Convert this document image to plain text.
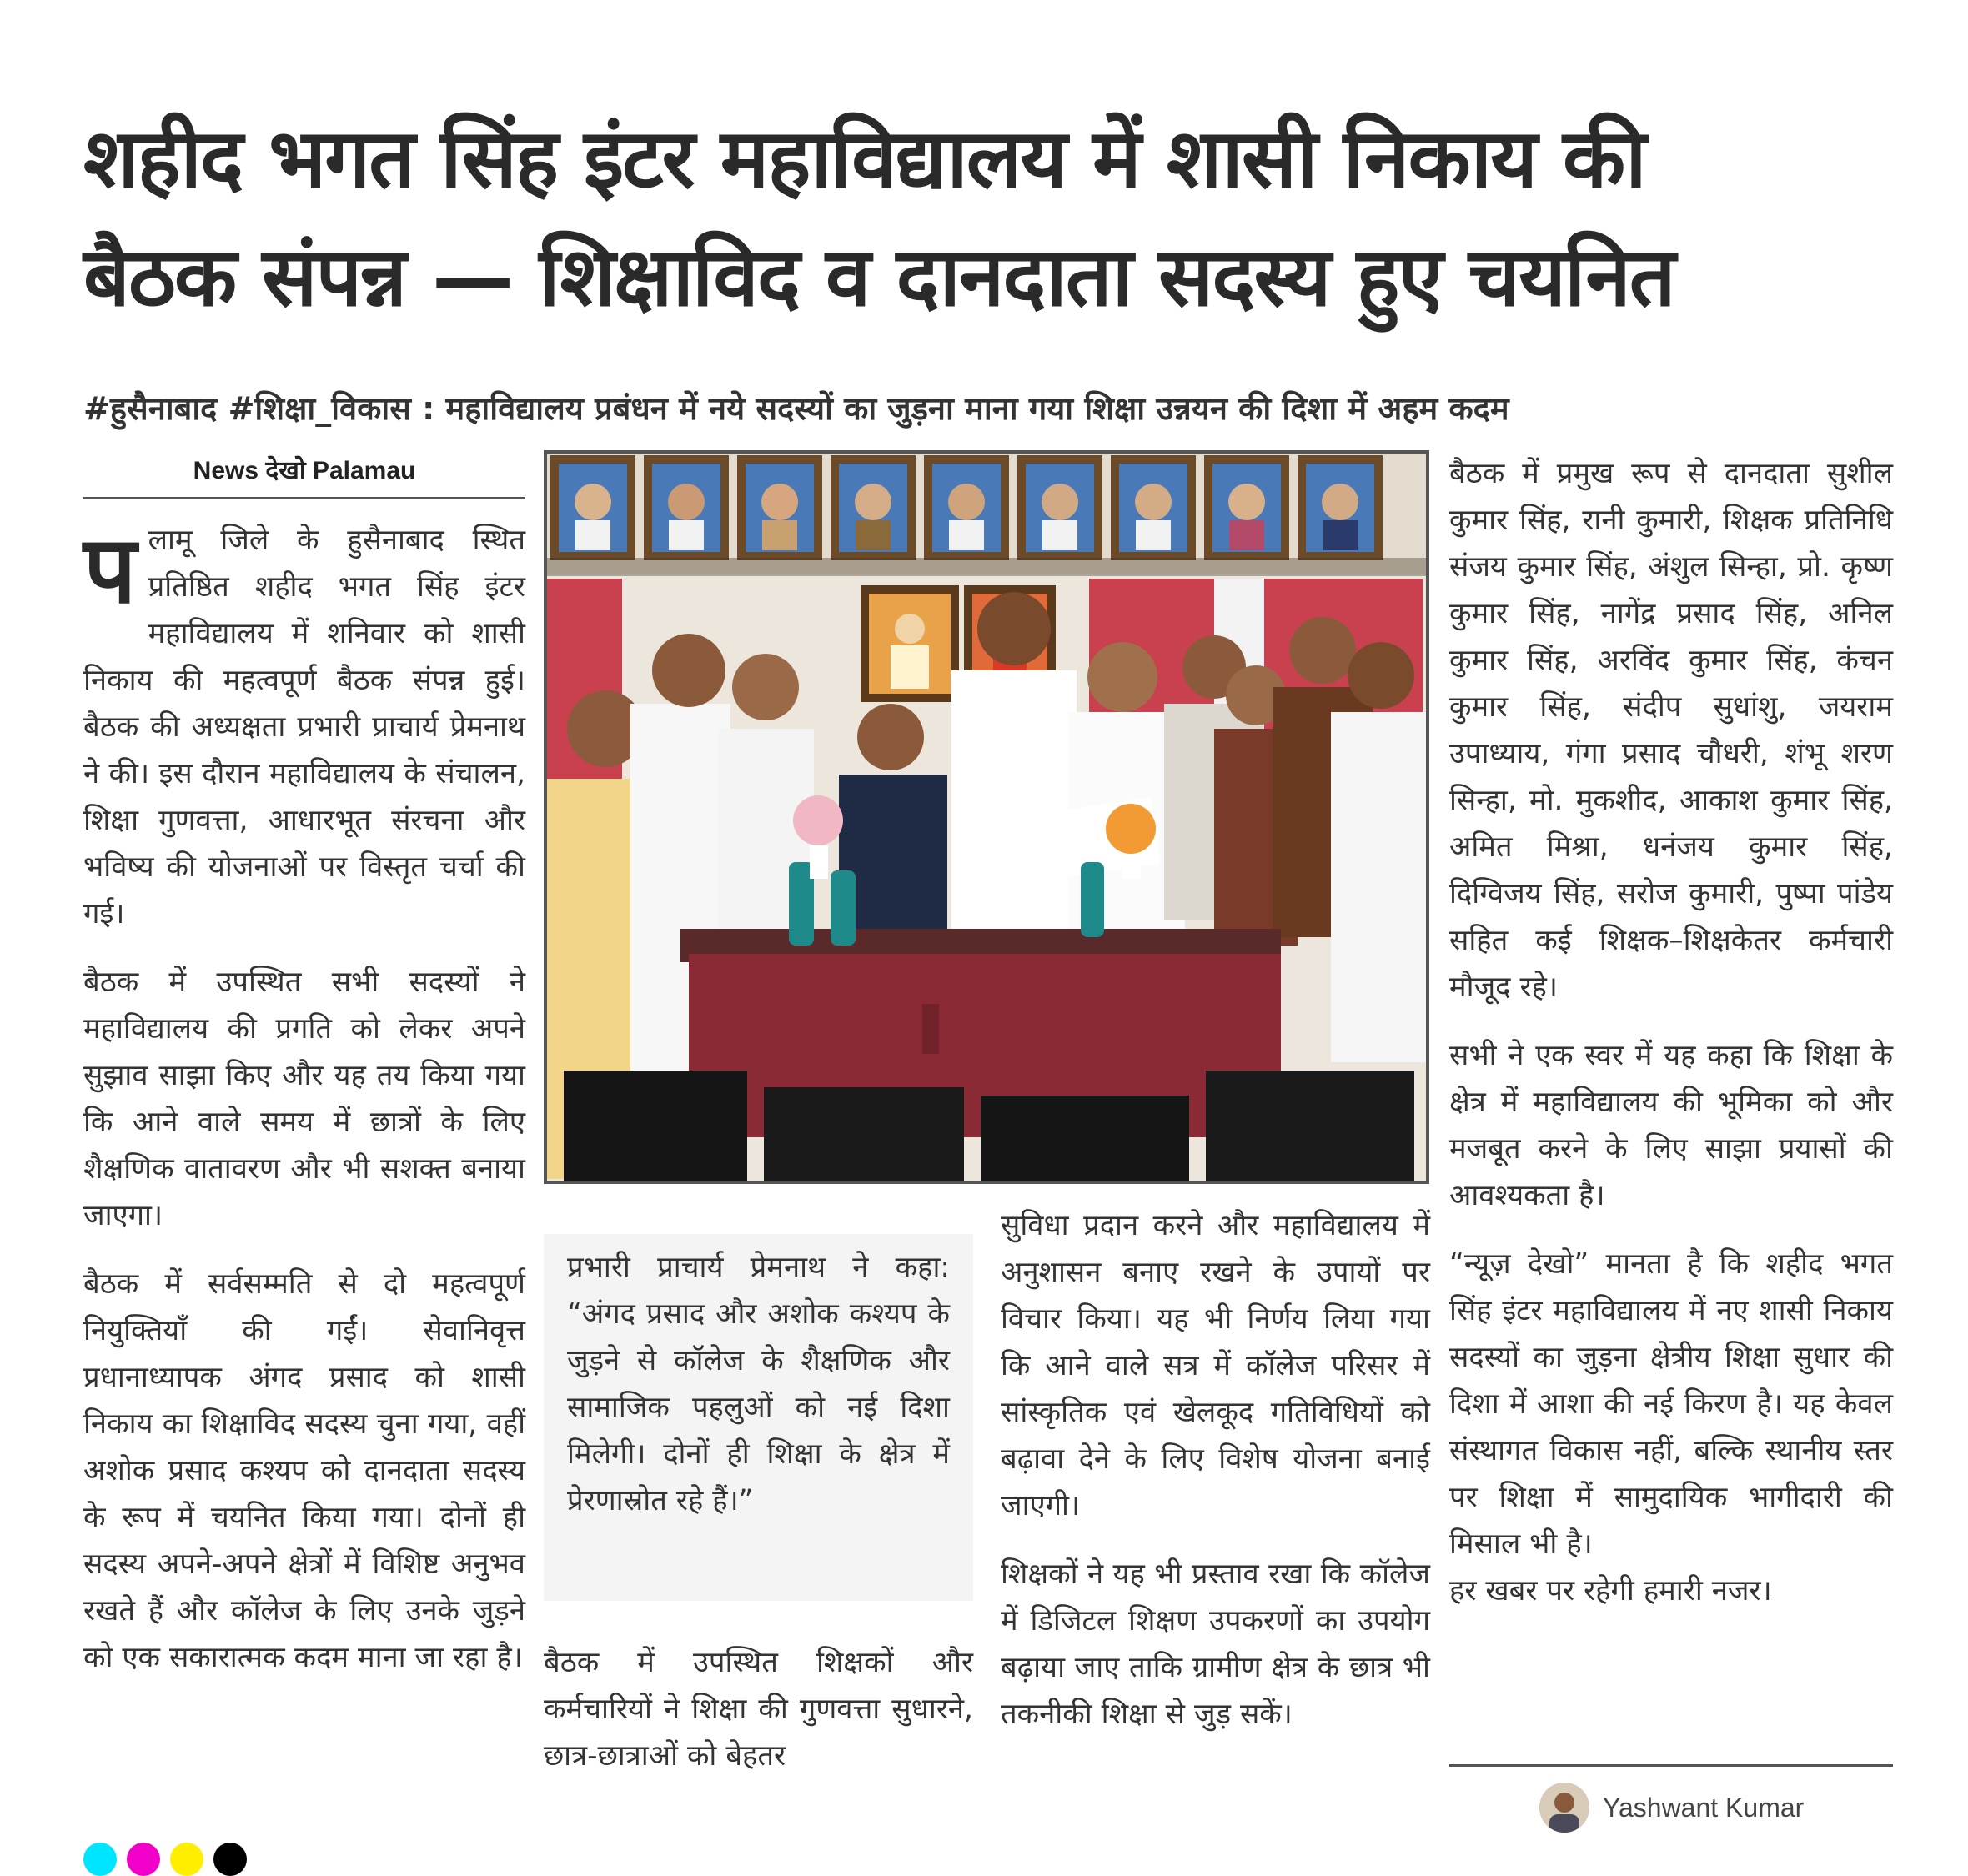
शहीद भगत सिंह इंटर महाविद्यालय में शासी निकाय की
बैठक संपन्न — शिक्षाविद व दानदाता सदस्य हुए चयनित
#हुसैनाबाद #शिक्षा_विकास : महाविद्यालय प्रबंधन में नये सदस्यों का जुड़ना माना गया शिक्षा उन्नयन की दिशा में अहम कदम
News देखो Palamau

पलामू जिले के हुसैनाबाद स्थित प्रतिष्ठित शहीद भगत सिंह इंटर महाविद्यालय में शनिवार को शासी निकाय की महत्वपूर्ण बैठक संपन्न हुई। बैठक की अध्यक्षता प्रभारी प्राचार्य प्रेमनाथ ने की। इस दौरान महाविद्यालय के संचालन, शिक्षा गुणवत्ता, आधारभूत संरचना और भविष्य की योजनाओं पर विस्तृत चर्चा की गई।

बैठक में उपस्थित सभी सदस्यों ने महाविद्यालय की प्रगति को लेकर अपने सुझाव साझा किए और यह तय किया गया कि आने वाले समय में छात्रों के लिए शैक्षणिक वातावरण और भी सशक्त बनाया जाएगा।

बैठक में सर्वसम्मति से दो महत्वपूर्ण नियुक्तियाँ की गईं। सेवानिवृत्त प्रधानाध्यापक अंगद प्रसाद को शासी निकाय का शिक्षाविद सदस्य चुना गया, वहीं अशोक प्रसाद कश्यप को दानदाता सदस्य के रूप में चयनित किया गया। दोनों ही सदस्य अपने-अपने क्षेत्रों में विशिष्ट अनुभव रखते हैं और कॉलेज के लिए उनके जुड़ने को एक सकारात्मक कदम माना जा रहा है।

प्रभारी प्राचार्य प्रेमनाथ ने कहा: “अंगद प्रसाद और अशोक कश्यप के जुड़ने से कॉलेज के शैक्षणिक और सामाजिक पहलुओं को नई दिशा मिलेगी। दोनों ही शिक्षा के क्षेत्र में प्रेरणास्रोत रहे हैं।”

बैठक में उपस्थित शिक्षकों और कर्मचारियों ने शिक्षा की गुणवत्ता सुधारने, छात्र-छात्राओं को बेहतर

सुविधा प्रदान करने और महाविद्यालय में अनुशासन बनाए रखने के उपायों पर विचार किया। यह भी निर्णय लिया गया कि आने वाले सत्र में कॉलेज परिसर में सांस्कृतिक एवं खेलकूद गतिविधियों को बढ़ावा देने के लिए विशेष योजना बनाई जाएगी।

शिक्षकों ने यह भी प्रस्ताव रखा कि कॉलेज में डिजिटल शिक्षण उपकरणों का उपयोग बढ़ाया जाए ताकि ग्रामीण क्षेत्र के छात्र भी तकनीकी शिक्षा से जुड़ सकें।

बैठक में प्रमुख रूप से दानदाता सुशील कुमार सिंह, रानी कुमारी, शिक्षक प्रतिनिधि संजय कुमार सिंह, अंशुल सिन्हा, प्रो. कृष्ण कुमार सिंह, नागेंद्र प्रसाद सिंह, अनिल कुमार सिंह, अरविंद कुमार सिंह, कंचन कुमार सिंह, संदीप सुधांशु, जयराम उपाध्याय, गंगा प्रसाद चौधरी, शंभू शरण सिन्हा, मो. मुकशीद, आकाश कुमार सिंह, अमित मिश्रा, धनंजय कुमार सिंह, दिग्विजय सिंह, सरोज कुमारी, पुष्पा पांडेय सहित कई शिक्षक–शिक्षकेतर कर्मचारी मौजूद रहे।

सभी ने एक स्वर में यह कहा कि शिक्षा के क्षेत्र में महाविद्यालय की भूमिका को और मजबूत करने के लिए साझा प्रयासों की आवश्यकता है।

“न्यूज़ देखो” मानता है कि शहीद भगत सिंह इंटर महाविद्यालय में नए शासी निकाय सदस्यों का जुड़ना क्षेत्रीय शिक्षा सुधार की दिशा में आशा की नई किरण है। यह केवल संस्थागत विकास नहीं, बल्कि स्थानीय स्तर पर शिक्षा में सामुदायिक भागीदारी की मिसाल भी है।

हर खबर पर रहेगी हमारी नजर।

Yashwant Kumar
